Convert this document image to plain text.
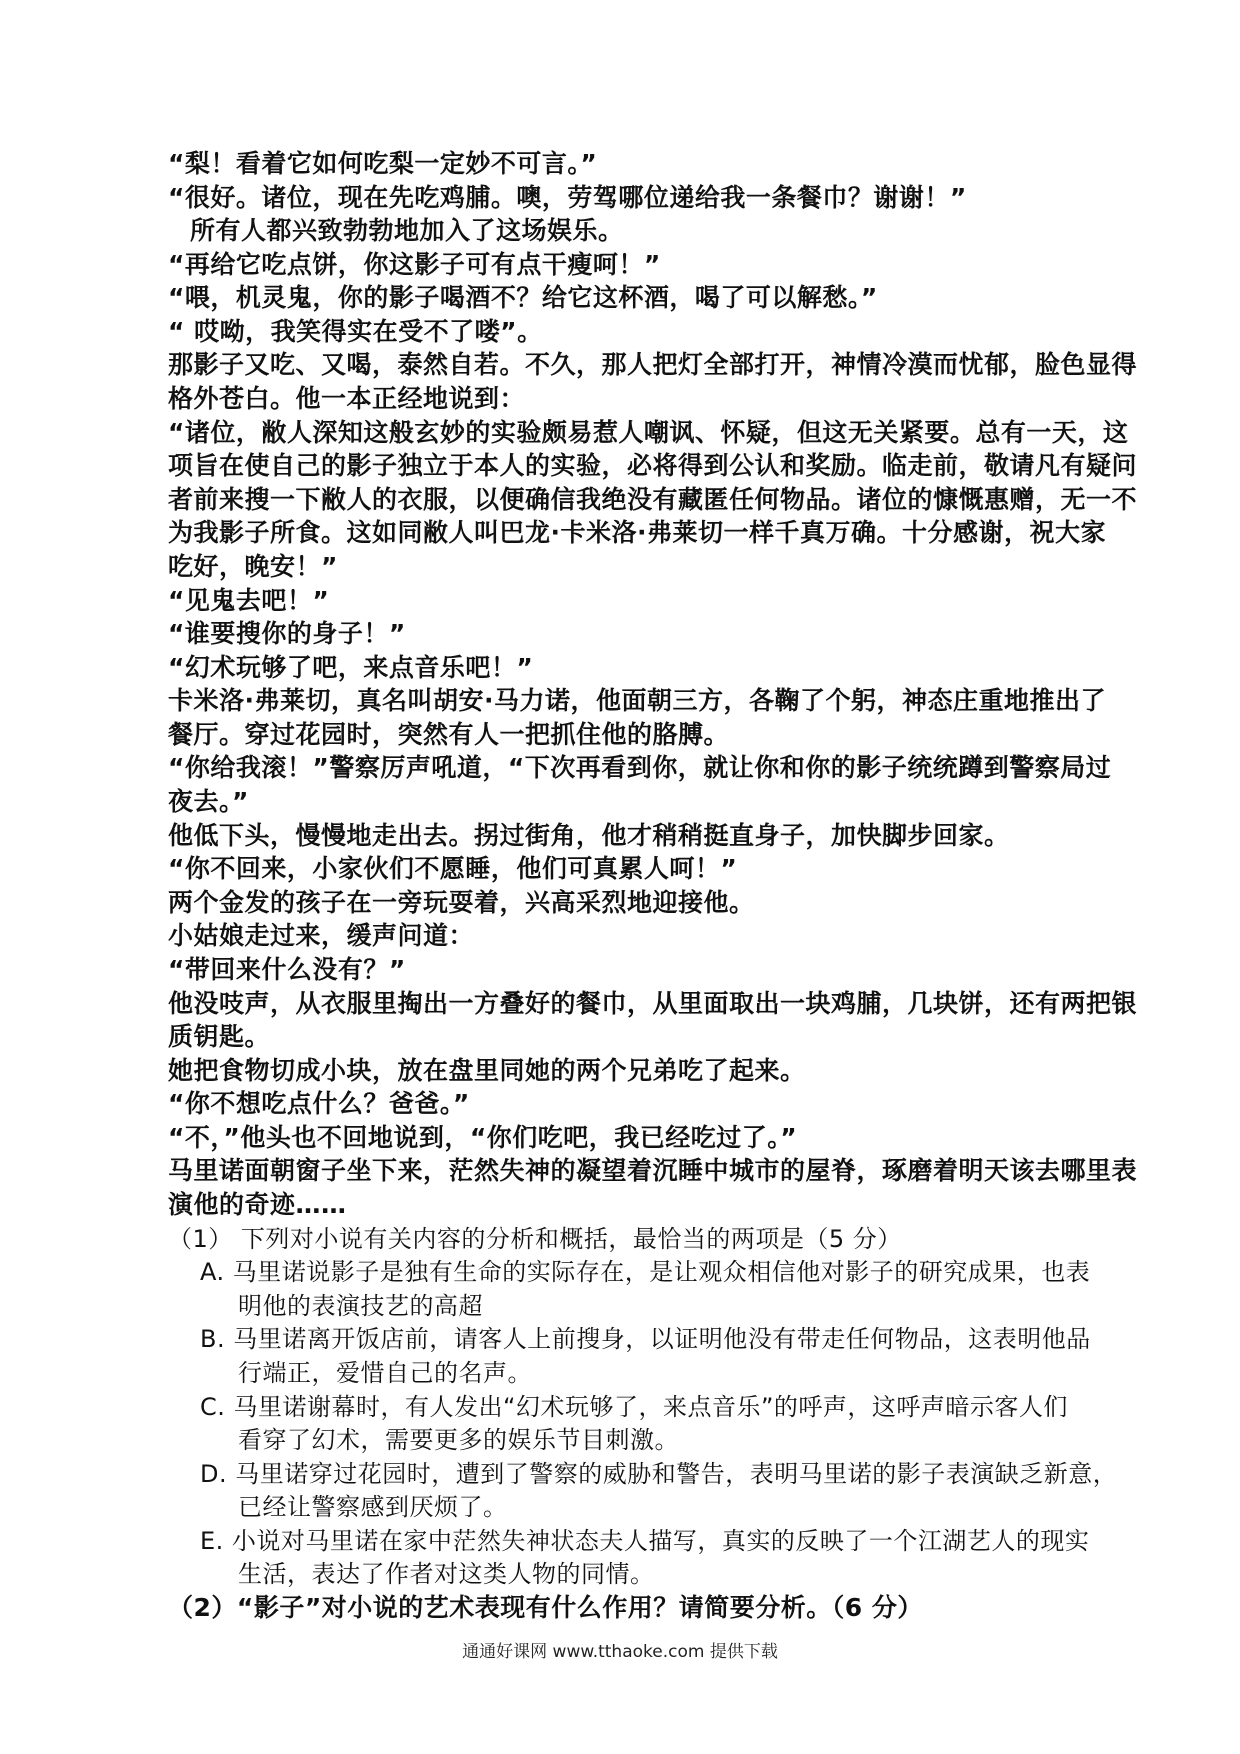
“梨！看着它如何吃梨一定妙不可言。”
“很好。诸位，现在先吃鸡脯。噢，劳驾哪位递给我一条餐巾？谢谢！”
所有人都兴致勃勃地加入了这场娱乐。
“再给它吃点饼，你这影子可有点干瘦呵！”
“喂，机灵鬼，你的影子喝酒不？给它这杯酒，喝了可以解愁。”
“ 哎呦，我笑得实在受不了喽”。
那影子又吃、又喝，泰然自若。不久，那人把灯全部打开，神情冷漠而忧郁，脸色显得
格外苍白。他一本正经地说到：
“诸位，敝人深知这般玄妙的实验颇易惹人嘲讽、怀疑，但这无关紧要。总有一天，这
项旨在使自己的影子独立于本人的实验，必将得到公认和奖励。临走前，敬请凡有疑问
者前来搜一下敝人的衣服，以便确信我绝没有藏匿任何物品。诸位的慷慨惠赠，无一不
为我影子所食。这如同敝人叫巴龙·卡米洛·弗莱切一样千真万确。十分感谢，祝大家
吃好，晚安！”
“见鬼去吧！”
“谁要搜你的身子！”
“幻术玩够了吧，来点音乐吧！”
卡米洛·弗莱切，真名叫胡安·马力诺，他面朝三方，各鞠了个躬，神态庄重地推出了
餐厅。穿过花园时，突然有人一把抓住他的胳膊。
“你给我滚！”警察厉声吼道，“下次再看到你，就让你和你的影子统统蹲到警察局过
夜去。”
他低下头，慢慢地走出去。拐过街角，他才稍稍挺直身子，加快脚步回家。
“你不回来，小家伙们不愿睡，他们可真累人呵！”
两个金发的孩子在一旁玩耍着，兴高采烈地迎接他。
小姑娘走过来，缓声问道：
“带回来什么没有？”
他没吱声，从衣服里掏出一方叠好的餐巾，从里面取出一块鸡脯，几块饼，还有两把银
质钥匙。
她把食物切成小块，放在盘里同她的两个兄弟吃了起来。
“你不想吃点什么？爸爸。”
“不，”他头也不回地说到，“你们吃吧，我已经吃过了。”
马里诺面朝窗子坐下来，茫然失神的凝望着沉睡中城市的屋脊，琢磨着明天该去哪里表
演他的奇迹……
（1） 下列对小说有关内容的分析和概括，最恰当的两项是（5 分）
A. 马里诺说影子是独有生命的实际存在，是让观众相信他对影子的研究成果，也表
明他的表演技艺的高超
B. 马里诺离开饭店前，请客人上前搜身，以证明他没有带走任何物品，这表明他品
行端正，爱惜自己的名声。
C. 马里诺谢幕时，有人发出“幻术玩够了，来点音乐”的呼声，这呼声暗示客人们
看穿了幻术，需要更多的娱乐节目刺激。
D. 马里诺穿过花园时，遭到了警察的威胁和警告，表明马里诺的影子表演缺乏新意，
已经让警察感到厌烦了。
E. 小说对马里诺在家中茫然失神状态夫人描写，真实的反映了一个江湖艺人的现实
生活，表达了作者对这类人物的同情。
（2）“影子”对小说的艺术表现有什么作用？请简要分析。（6 分）
通通好课网 www.tthaoke.com 提供下载
